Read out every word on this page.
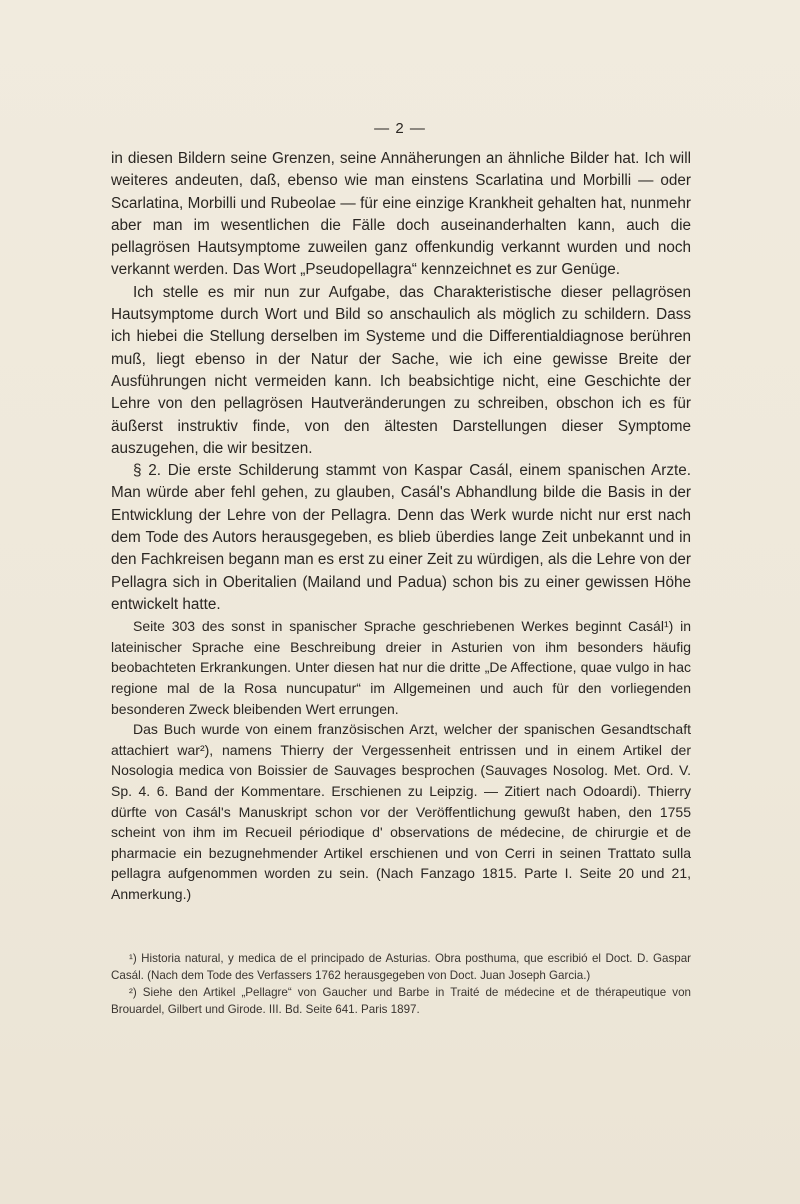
— 2 —

in diesen Bildern seine Grenzen, seine Annäherungen an ähnliche Bilder hat. Ich will weiteres andeuten, daß, ebenso wie man einstens Scarlatina und Morbilli — oder Scarlatina, Morbilli und Rubeolae — für eine einzige Krankheit gehalten hat, nunmehr aber man im wesentlichen die Fälle doch auseinanderhalten kann, auch die pellagrösen Hautsymptome zuweilen ganz offenkundig verkannt wurden und noch verkannt werden. Das Wort „Pseudopellagra“ kennzeichnet es zur Genüge.

Ich stelle es mir nun zur Aufgabe, das Charakteristische dieser pellagrösen Hautsymptome durch Wort und Bild so anschaulich als möglich zu schildern. Dass ich hiebei die Stellung derselben im Systeme und die Differentialdiagnose berühren muß, liegt ebenso in der Natur der Sache, wie ich eine gewisse Breite der Ausführungen nicht vermeiden kann. Ich beabsichtige nicht, eine Geschichte der Lehre von den pellagrösen Hautveränderungen zu schreiben, obschon ich es für äußerst instruktiv finde, von den ältesten Darstellungen dieser Symptome auszugehen, die wir besitzen.

§ 2. Die erste Schilderung stammt von Kaspar Casál, einem spanischen Arzte. Man würde aber fehl gehen, zu glauben, Casál's Abhandlung bilde die Basis in der Entwicklung der Lehre von der Pellagra. Denn das Werk wurde nicht nur erst nach dem Tode des Autors herausgegeben, es blieb überdies lange Zeit unbekannt und in den Fachkreisen begann man es erst zu einer Zeit zu würdigen, als die Lehre von der Pellagra sich in Oberitalien (Mailand und Padua) schon bis zu einer gewissen Höhe entwickelt hatte.

Seite 303 des sonst in spanischer Sprache geschriebenen Werkes beginnt Casál¹) in lateinischer Sprache eine Beschreibung dreier in Asturien von ihm besonders häufig beobachteten Erkrankungen. Unter diesen hat nur die dritte „De Affectione, quae vulgo in hac regione mal de la Rosa nuncupatur“ im Allgemeinen und auch für den vorliegenden besonderen Zweck bleibenden Wert errungen.

Das Buch wurde von einem französischen Arzt, welcher der spanischen Gesandtschaft attachiert war²), namens Thierry der Vergessenheit entrissen und in einem Artikel der Nosologia medica von Boissier de Sauvages besprochen (Sauvages Nosolog. Met. Ord. V. Sp. 4. 6. Band der Kommentare. Erschienen zu Leipzig. — Zitiert nach Odoardi). Thierry dürfte von Casál's Manuskript schon vor der Veröffentlichung gewußt haben, den 1755 scheint von ihm im Recueil périodique d' observations de médecine, de chirurgie et de pharmacie ein bezugnehmender Artikel erschienen und von Cerri in seinen Trattato sulla pellagra aufgenommen worden zu sein. (Nach Fanzago 1815. Parte I. Seite 20 und 21, Anmerkung.)

¹) Historia natural, y medica de el principado de Asturias. Obra posthuma, que escribió el Doct. D. Gaspar Casál. (Nach dem Tode des Verfassers 1762 herausgegeben von Doct. Juan Joseph Garcia.)

²) Siehe den Artikel „Pellagre“ von Gaucher und Barbe in Traité de médecine et de thérapeutique von Brouardel, Gilbert und Girode. III. Bd. Seite 641. Paris 1897.
